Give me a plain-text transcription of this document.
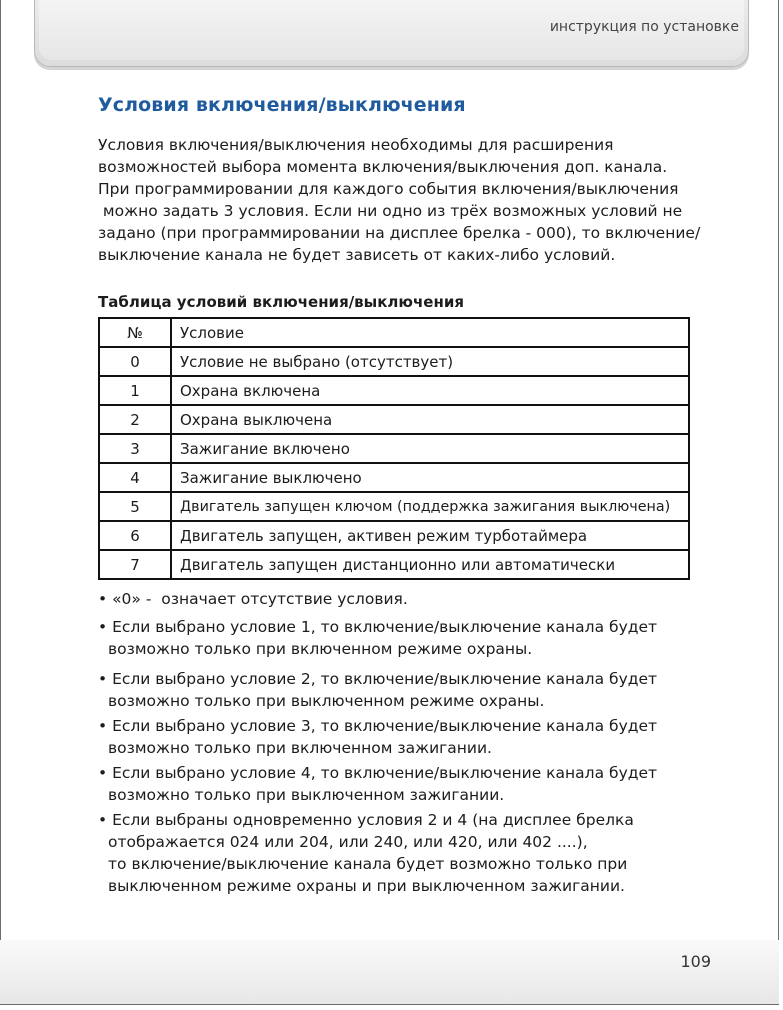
инструкция по установке
Условия включения/выключения

Условия включения/выключения необходимы для расширения
возможностей выбора момента включения/выключения доп. канала.
При программировании для каждого события включения/выключения
можно задать 3 условия. Если ни одно из трёх возможных условий не
задано (при программировании на дисплее брелка - 000), то включение/
выключение канала не будет зависеть от каких-либо условий.

Таблица условий включения/выключения
№	Условие
0	Условие не выбрано (отсутствует)
1	Охрана включена
2	Охрана выключена
3	Зажигание включено
4	Зажигание выключено
5	Двигатель запущен ключом (поддержка зажигания выключена)
6	Двигатель запущен, активен режим турботаймера
7	Двигатель запущен дистанционно или автоматически
• «0» -  означает отсутствие условия.
• Если выбрано условие 1, то включение/выключение канала будет
возможно только при включенном режиме охраны.
• Если выбрано условие 2, то включение/выключение канала будет
возможно только при выключенном режиме охраны.
• Если выбрано условие 3, то включение/выключение канала будет
возможно только при включенном зажигании.
• Если выбрано условие 4, то включение/выключение канала будет
возможно только при выключенном зажигании.
• Если выбраны одновременно условия 2 и 4 (на дисплее брелка
отображается 024 или 204, или 240, или 420, или 402 ....),
то включение/выключение канала будет возможно только при
выключенном режиме охраны и при выключенном зажигании.
109
